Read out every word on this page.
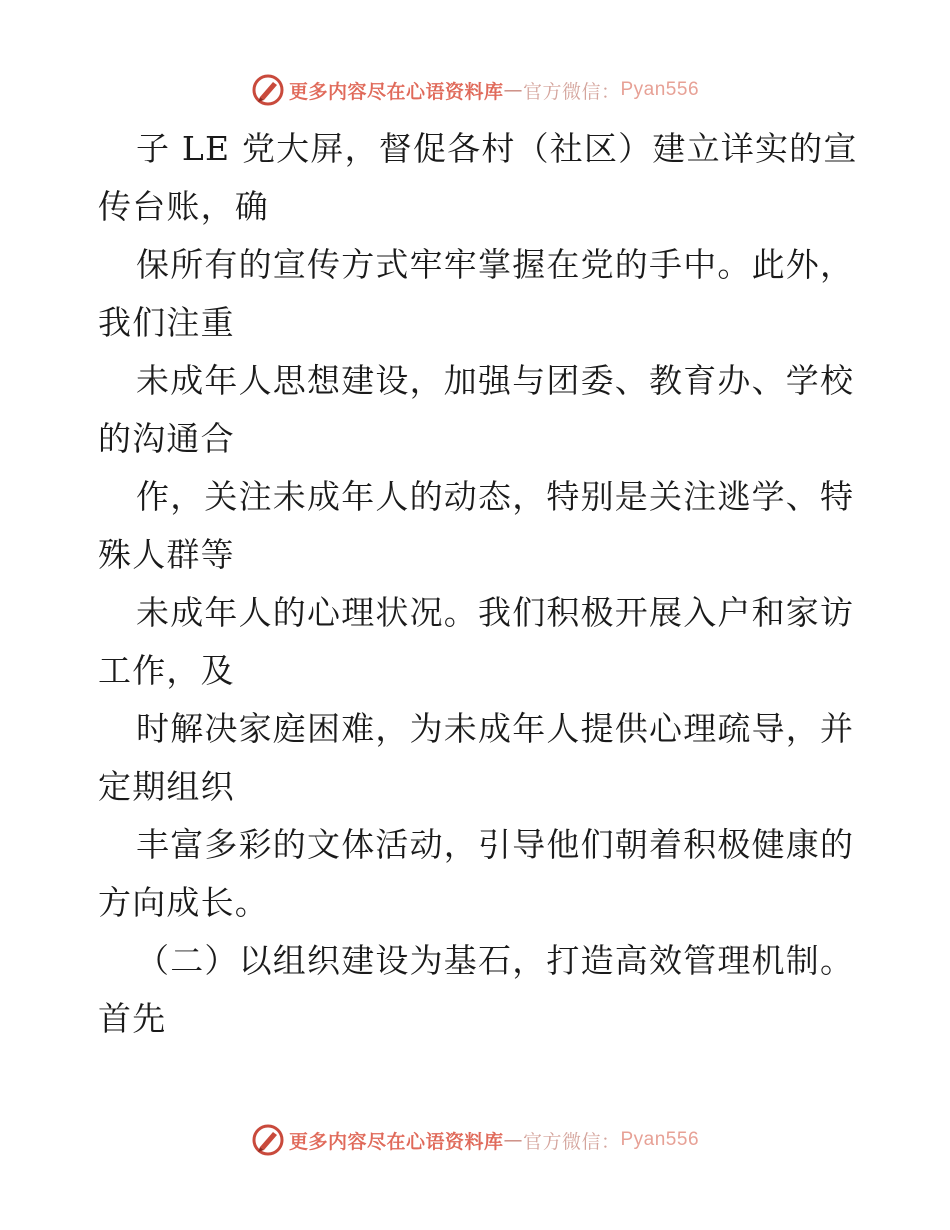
更多内容尽在心语资料库 — 官方微信： Pyan556
子 LE 党大屏，督促各村（社区）建立详实的宣
传台账，确
保所有的宣传方式牢牢掌握在党的手中。此外，
我们注重
未成年人思想建设，加强与团委、教育办、学校
的沟通合
作，关注未成年人的动态，特别是关注逃学、特
殊人群等
未成年人的心理状况。我们积极开展入户和家访
工作，及
时解决家庭困难，为未成年人提供心理疏导，并
定期组织
丰富多彩的文体活动，引导他们朝着积极健康的
方向成长。
（二）以组织建设为基石，打造高效管理机制。
首先
更多内容尽在心语资料库 — 官方微信： Pyan556
